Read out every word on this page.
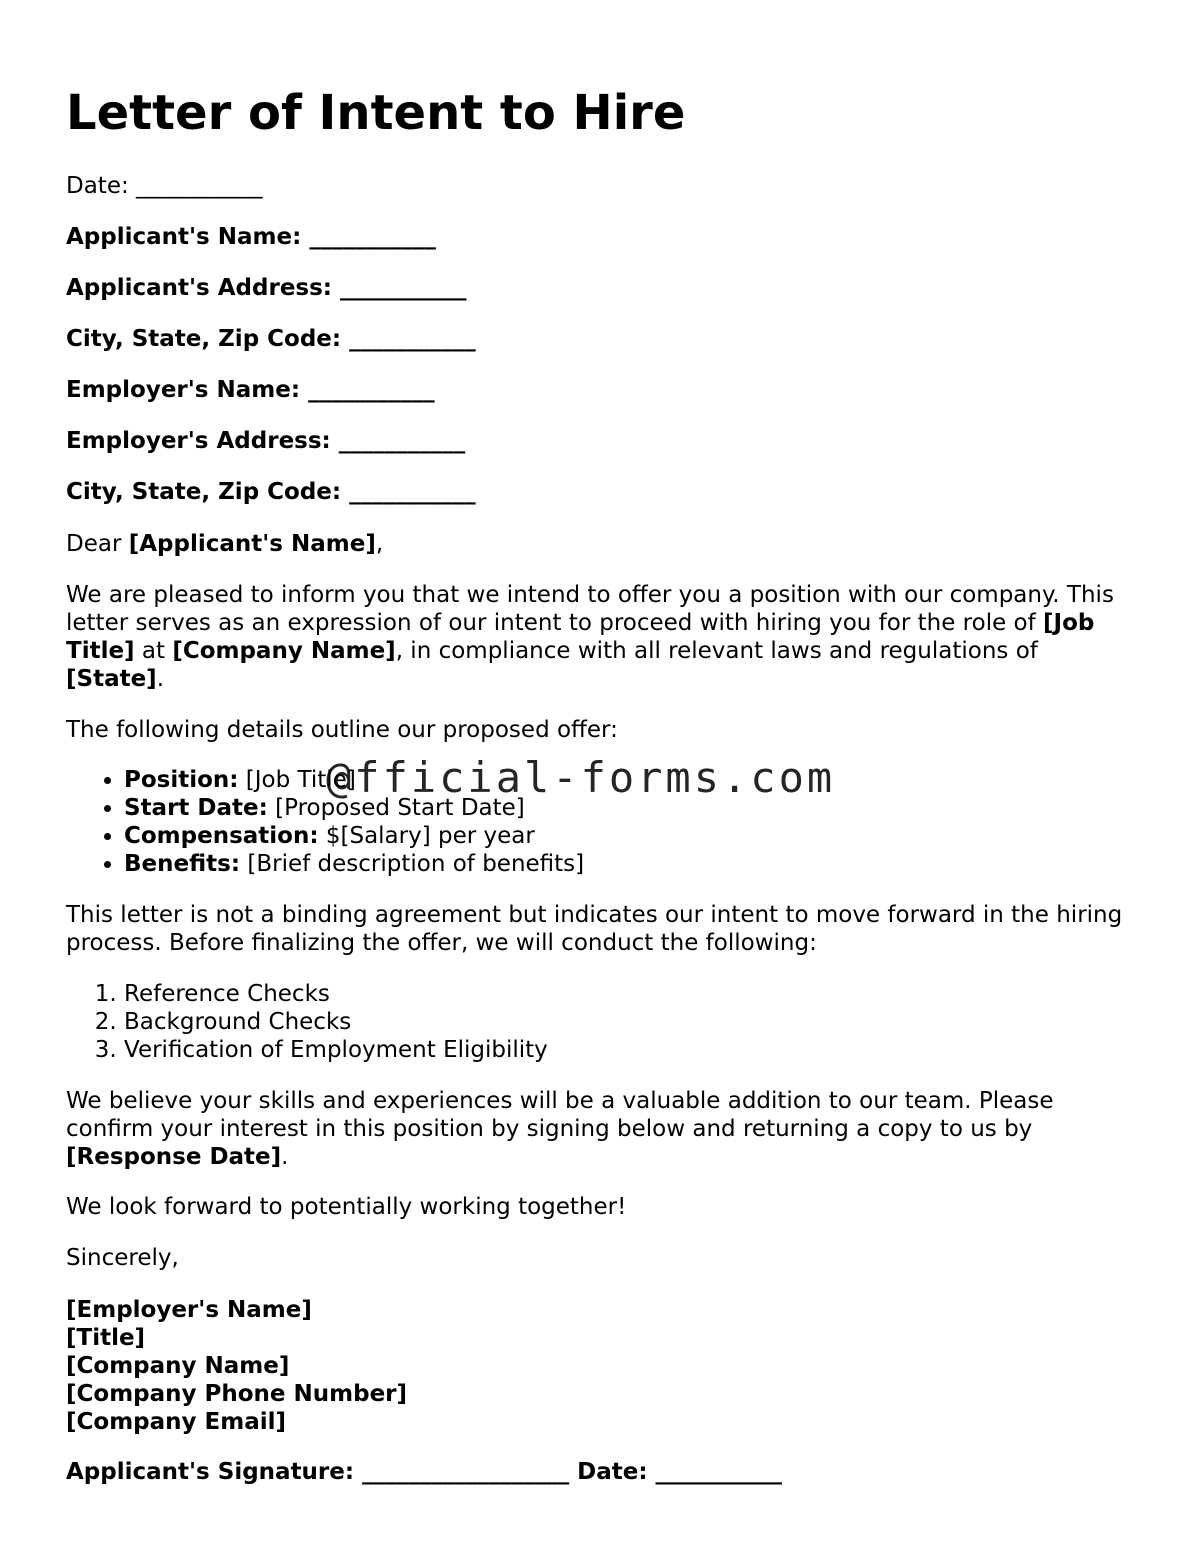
Letter of Intent to Hire

Date: ___________

Applicant's Name: ___________

Applicant's Address: ___________

City, State, Zip Code: ___________

Employer's Name: ___________

Employer's Address: ___________

City, State, Zip Code: ___________

Dear [Applicant's Name],

We are pleased to inform you that we intend to offer you a position with our company. This letter serves as an expression of our intent to proceed with hiring you for the role of [Job Title] at [Company Name], in compliance with all relevant laws and regulations of [State].

The following details outline our proposed offer:

• Position: [Job Title]
• Start Date: [Proposed Start Date]
• Compensation: $[Salary] per year
• Benefits: [Brief description of benefits]

This letter is not a binding agreement but indicates our intent to move forward in the hiring process. Before finalizing the offer, we will conduct the following:

1. Reference Checks
2. Background Checks
3. Verification of Employment Eligibility

We believe your skills and experiences will be a valuable addition to our team. Please confirm your interest in this position by signing below and returning a copy to us by [Response Date].

We look forward to potentially working together!

Sincerely,

[Employer's Name]
[Title]
[Company Name]
[Company Phone Number]
[Company Email]

Applicant's Signature: __________________ Date: ___________

@fficial-forms.com
